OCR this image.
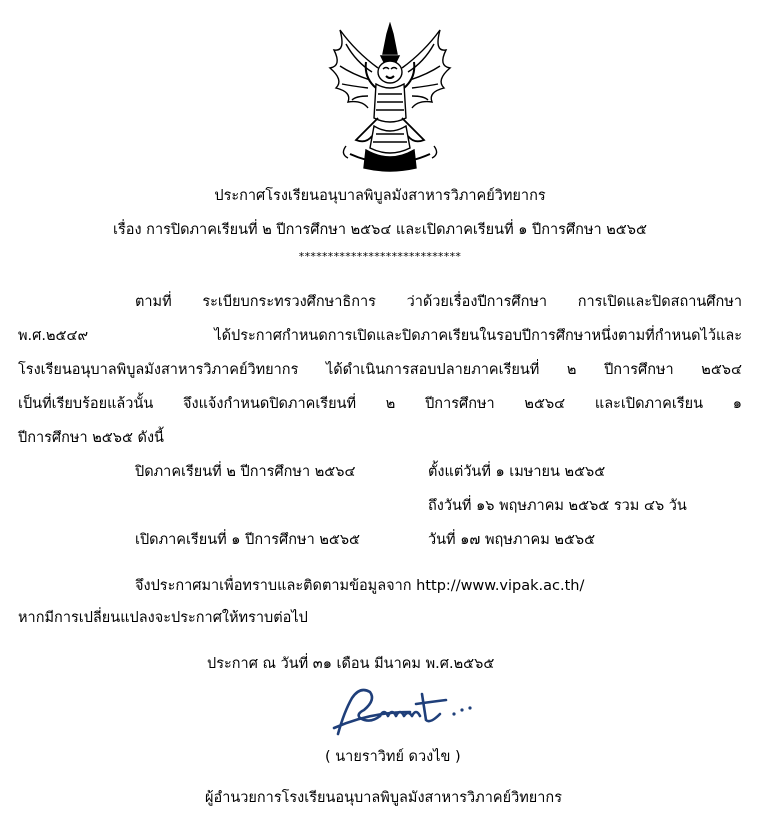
ประกาศโรงเรียนอนุบาลพิบูลมังสาหารวิภาคย์วิทยากร
เรื่อง การปิดภาคเรียนที่ ๒ ปีการศึกษา ๒๕๖๔ และเปิดภาคเรียนที่ ๑ ปีการศึกษา ๒๕๖๕
****************************
ตามที่ ระเบียบกระทรวงศึกษาธิการ ว่าด้วยเรื่องปีการศึกษา การเปิดและปิดสถานศึกษา
พ.ศ.๒๕๔๙ ได้ประกาศกำหนดการเปิดและปิดภาคเรียนในรอบปีการศึกษาหนึ่งตามที่กำหนดไว้และ
โรงเรียนอนุบาลพิบูลมังสาหารวิภาคย์วิทยากร ได้ดำเนินการสอบปลายภาคเรียนที่ ๒ ปีการศึกษา ๒๕๖๔
เป็นที่เรียบร้อยแล้วนั้น จึงแจ้งกำหนดปิดภาคเรียนที่ ๒ ปีการศึกษา ๒๕๖๔ และเปิดภาคเรียน ๑
ปีการศึกษา ๒๕๖๕ ดังนี้
ปิดภาคเรียนที่ ๒ ปีการศึกษา ๒๕๖๔	ตั้งแต่วันที่ ๑ เมษายน ๒๕๖๕
ถึงวันที่ ๑๖ พฤษภาคม ๒๕๖๕ รวม ๔๖ วัน
เปิดภาคเรียนที่ ๑ ปีการศึกษา ๒๕๖๕	วันที่ ๑๗ พฤษภาคม ๒๕๖๕
จึงประกาศมาเพื่อทราบและติดตามข้อมูลจาก http://www.vipak.ac.th/
หากมีการเปลี่ยนแปลงจะประกาศให้ทราบต่อไป
ประกาศ ณ วันที่ ๓๑ เดือน มีนาคม พ.ศ.๒๕๖๕
( นายราวิทย์ ดวงไข )
ผู้อำนวยการโรงเรียนอนุบาลพิบูลมังสาหารวิภาคย์วิทยากร
